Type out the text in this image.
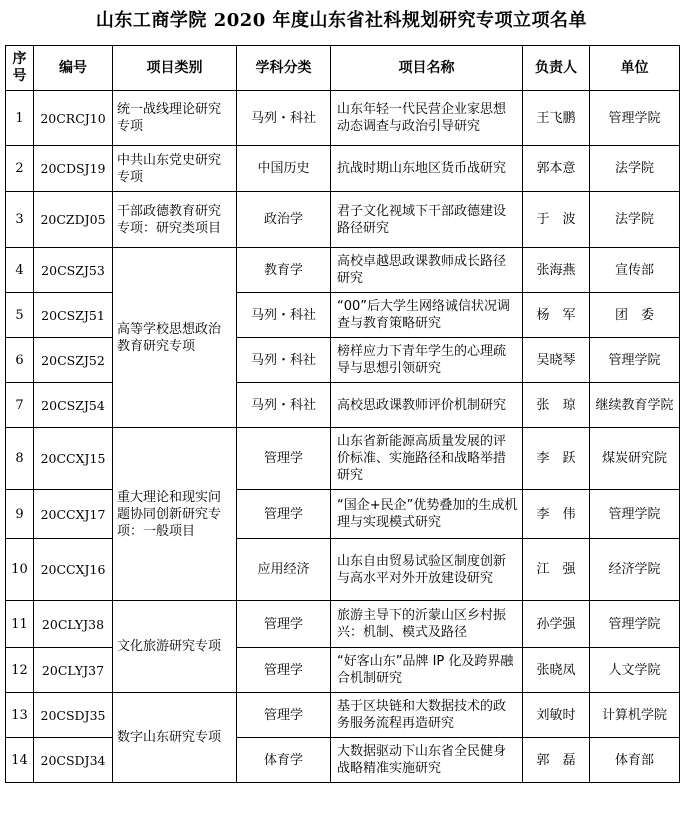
山东工商学院 2020 年度山东省社科规划研究专项立项名单
序号	编号	项目类别	学科分类	项目名称	负责人	单位
1	20CRCJ10	统一战线理论研究专项	马列・科社	山东年轻一代民营企业家思想动态调查与政治引导研究	王飞鹏	管理学院
2	20CDSJ19	中共山东党史研究专项	中国历史	抗战时期山东地区货币战研究	郭本意	法学院
3	20CZDJ05	干部政德教育研究专项：研究类项目	政治学	君子文化视域下干部政德建设路径研究	于　波	法学院
4	20CSZJ53	高等学校思想政治教育研究专项	教育学	高校卓越思政课教师成长路径研究	张海燕	宣传部
5	20CSZJ51		马列・科社	“00”后大学生网络诚信状况调查与教育策略研究	杨　军	团　委
6	20CSZJ52		马列・科社	榜样应力下青年学生的心理疏导与思想引领研究	吴晓琴	管理学院
7	20CSZJ54		马列・科社	高校思政课教师评价机制研究	张　琼	继续教育学院
8	20CCXJ15	重大理论和现实问题协同创新研究专项：一般项目	管理学	山东省新能源高质量发展的评价标准、实施路径和战略举措研究	李　跃	煤炭研究院
9	20CCXJ17		管理学	“国企+民企”优势叠加的生成机理与实现模式研究	李　伟	管理学院
10	20CCXJ16		应用经济	山东自由贸易试验区制度创新与高水平对外开放建设研究	江　强	经济学院
11	20CLYJ38	文化旅游研究专项	管理学	旅游主导下的沂蒙山区乡村振兴：机制、模式及路径	孙学强	管理学院
12	20CLYJ37		管理学	“好客山东”品牌 IP 化及跨界融合机制研究	张晓凤	人文学院
13	20CSDJ35	数字山东研究专项	管理学	基于区块链和大数据技术的政务服务流程再造研究	刘敏时	计算机学院
14	20CSDJ34		体育学	大数据驱动下山东省全民健身战略精准实施研究	郭　磊	体育部
